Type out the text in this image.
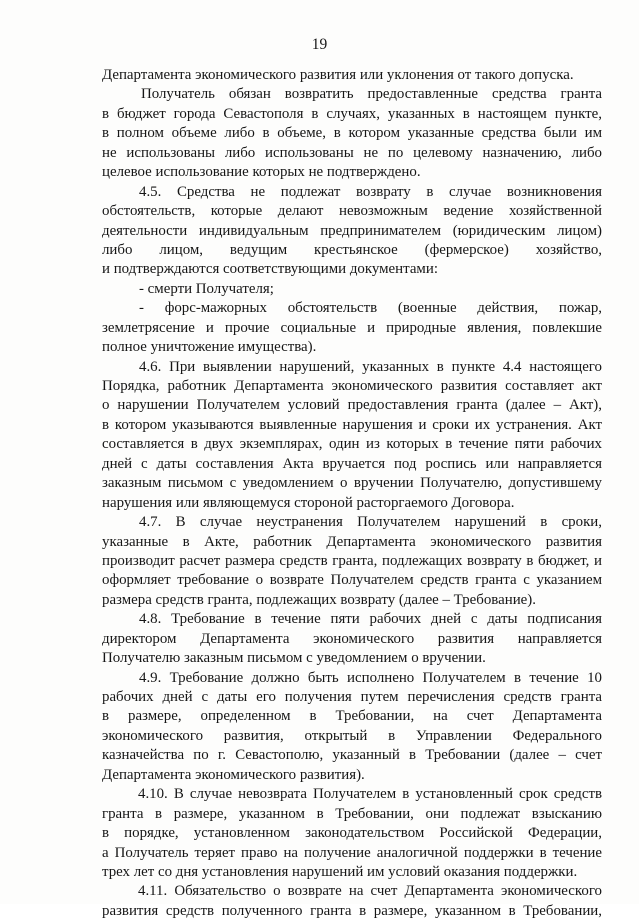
19
Департамента экономического развития или уклонения от такого допуска.
Получатель обязан возвратить предоставленные средства гранта
в бюджет города Севастополя в случаях, указанных в настоящем пункте,
в полном объеме либо в объеме, в котором указанные средства были им
не использованы либо использованы не по целевому назначению, либо
целевое использование которых не подтверждено.
4.5. Средства не подлежат возврату в случае возникновения
обстоятельств, которые делают невозможным ведение хозяйственной
деятельности индивидуальным предпринимателем (юридическим лицом)
либо лицом, ведущим крестьянское (фермерское) хозяйство,
и подтверждаются соответствующими документами:
- смерти Получателя;
- форс-мажорных обстоятельств (военные действия, пожар,
землетрясение и прочие социальные и природные явления, повлекшие
полное уничтожение имущества).
4.6. При выявлении нарушений, указанных в пункте 4.4 настоящего
Порядка, работник Департамента экономического развития составляет акт
о нарушении Получателем условий предоставления гранта (далее – Акт),
в котором указываются выявленные нарушения и сроки их устранения. Акт
составляется в двух экземплярах, один из которых в течение пяти рабочих
дней с даты составления Акта вручается под роспись или направляется
заказным письмом с уведомлением о вручении Получателю, допустившему
нарушения или являющемуся стороной расторгаемого Договора.
4.7. В случае неустранения Получателем нарушений в сроки,
указанные в Акте, работник Департамента экономического развития
производит расчет размера средств гранта, подлежащих возврату в бюджет, и
оформляет требование о возврате Получателем средств гранта с указанием
размера средств гранта, подлежащих возврату (далее – Требование).
4.8. Требование в течение пяти рабочих дней с даты подписания
директором Департамента экономического развития направляется
Получателю заказным письмом с уведомлением о вручении.
4.9. Требование должно быть исполнено Получателем в течение 10
рабочих дней с даты его получения путем перечисления средств гранта
в размере, определенном в Требовании, на счет Департамента
экономического развития, открытый в Управлении Федерального
казначейства по г. Севастополю, указанный в Требовании (далее – счет
Департамента экономического развития).
4.10. В случае невозврата Получателем в установленный срок средств
гранта в размере, указанном в Требовании, они подлежат взысканию
в порядке, установленном законодательством Российской Федерации,
а Получатель теряет право на получение аналогичной поддержки в течение
трех лет со дня установления нарушений им условий оказания поддержки.
4.11. Обязательство о возврате на счет Департамента экономического
развития средств полученного гранта в размере, указанном в Требовании,
